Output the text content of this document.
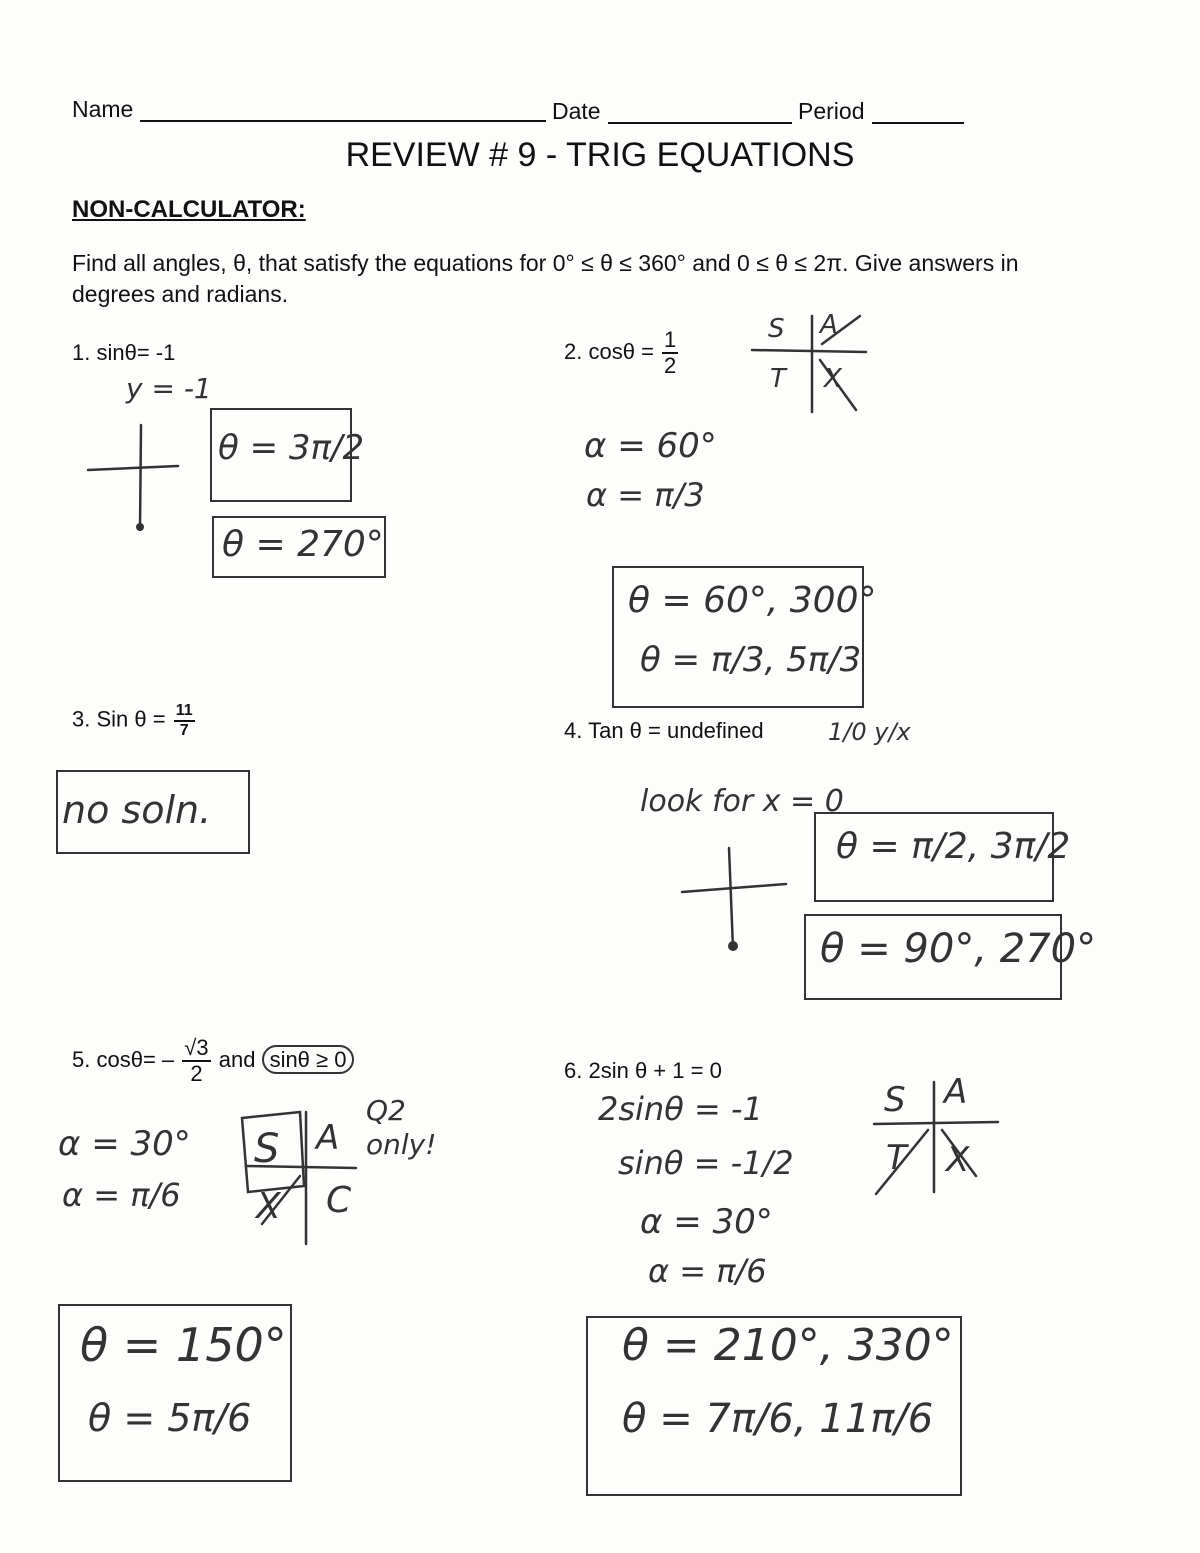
Name	Date	Period
REVIEW # 9 - TRIG EQUATIONS
NON-CALCULATOR:
Find all angles, θ, that satisfy the equations for 0° ≤ θ ≤ 360° and 0 ≤ θ ≤ 2π. Give answers in degrees and radians.
1. sinθ= -1	2. $\cos\theta = \frac{1}{2}$
3. Sin $\theta = \frac{11}{7}$	4. Tan θ = undefined
5. $\cos\theta= - \frac{√3}{2}$ and sinθ ≥ 0	6. 2sin θ + 1 = 0
y = -1
θ = 3π/2
θ = 270°
S A
T X
α = 60°
α = π/3
θ = 60°, 300°
θ = π/3, 5π/3
no soln.
1/0 y/x
look for x = 0
θ = π/2, 3π/2
θ = 90°, 270°
α = 30°
α = π/6
S A
X C
Q2 only!
θ = 150°
θ = 5π/6
2sinθ = -1
sinθ = -1/2
α = 30°
α = π/6
S A
T X
θ = 210°, 330°
θ = 7π/6, 11π/6
